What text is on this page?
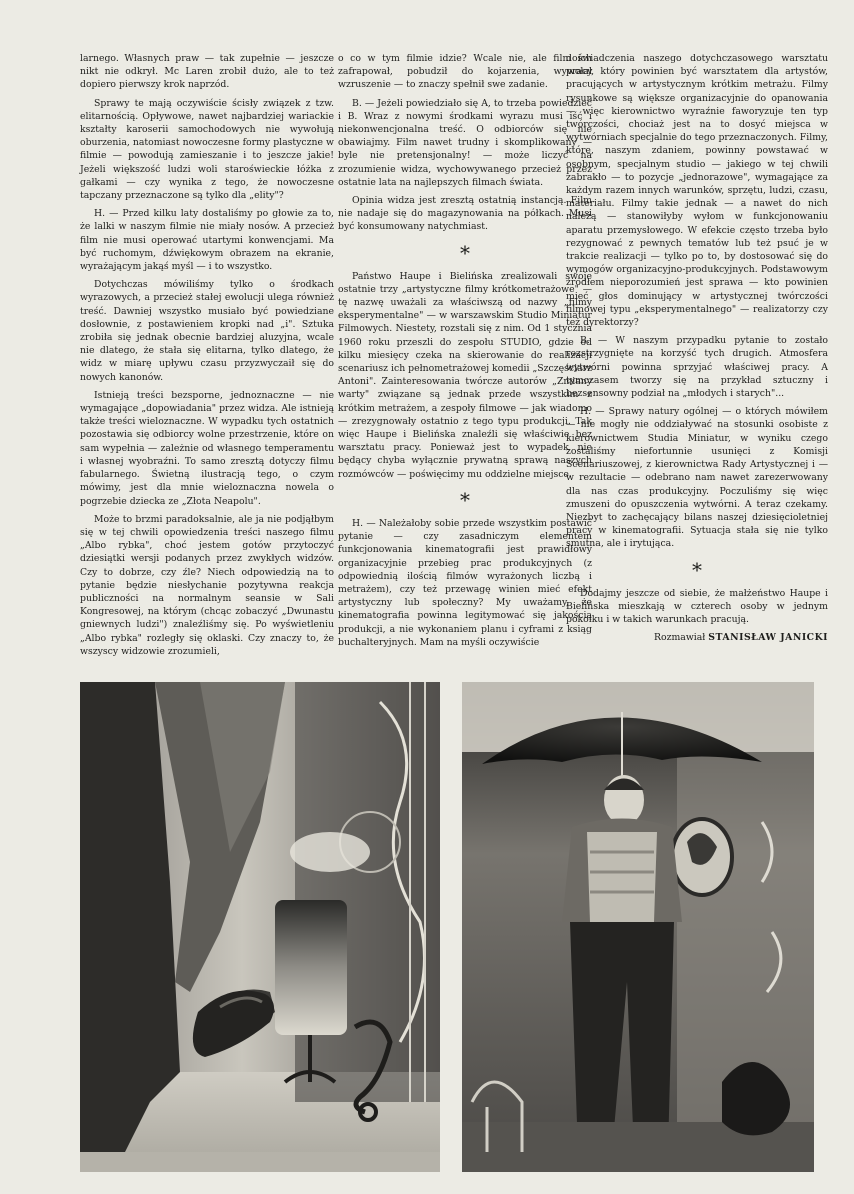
larnego. Własnych praw — tak zupełnie — jeszcze nikt nie odkrył. Mc Laren zrobił dużo, ale to też dopiero pierwszy krok naprzód.

Sprawy te mają oczywiście ścisły związek z tzw. elitarnością. Opływowe, nawet najbardziej wariackie kształty karoserii samochodowych nie wywołują oburzenia, natomiast nowoczesne formy plastyczne w filmie — powodują zamieszanie i to jeszcze jakie! Jeżeli większość ludzi woli staroświeckie łóżka z gałkami — czy wynika z tego, że nowoczesne tapczany przeznaczone są tylko dla „elity"?

H. — Przed kilku laty dostaliśmy po głowie za to, że lalki w naszym filmie nie miały nosów. A przecież film nie musi operować utartymi konwencjami. Ma być ruchomym, dźwiękowym obrazem na ekranie, wyrażającym jakąś myśl — i to wszystko.

Dotychczas mówiliśmy tylko o środkach wyrazowych, a przecież stałej ewolucji ulega również treść. Dawniej wszystko musiało być powiedziane dosłownie, z postawieniem kropki nad „i". Sztuka zrobiła się jednak obecnie bardziej aluzyjna, wcale nie dlatego, że stała się elitarna, tylko dlatego, że widz w miarę upływu czasu przyzwyczaił się do nowych kanonów.

Istnieją treści bezsporne, jednoznaczne — nie wymagające „dopowiadania" przez widza. Ale istnieją także treści wieloznaczne. W wypadku tych ostatnich pozostawia się odbiorcy wolne przestrzenie, które on sam wypełnia — zależnie od własnego temperamentu i własnej wyobraźni. To samo zresztą dotyczy filmu fabularnego. Świetną ilustracją tego, o czym mówimy, jest dla mnie wieloznaczna nowela o pogrzebie dziecka ze „Złota Neapolu".

Może to brzmi paradoksalnie, ale ja nie podjąłbym się w tej chwili opowiedzenia treści naszego filmu „Albo rybka", choć jestem gotów przytoczyć dziesiątki wersji podanych przez zwykłych widzów. Czy to dobrze, czy źle? Niech odpowiedzią na to pytanie będzie niesłychanie pozytywna reakcja publiczności na normalnym seansie w Sali Kongresowej, na którym (chcąc zobaczyć „Dwunastu gniewnych ludzi") znaleźliśmy się. Po wyświetleniu „Albo rybka" rozległy się oklaski. Czy znaczy to, że wszyscy widzowie zrozumieli,

o co w tym filmie idzie? Wcale nie, ale film ich zafrapował, pobudził do kojarzenia, wywołał wzruszenie — to znaczy spełnił swe zadanie.

B. — Jeżeli powiedziało się A, to trzeba powiedzieć i B. Wraz z nowymi środkami wyrazu musi iść i niekonwencjonalna treść. O odbiorców się nie obawiajmy. Film nawet trudny i skomplikowany — byle nie pretensjonalny! — może liczyć na zrozumienie widza, wychowywanego przecież przez ostatnie lata na najlepszych filmach świata.

Opinia widza jest zresztą ostatnią instancją. Film nie nadaje się do magazynowania na półkach. Musi być konsumowany natychmiast.

*

Państwo Haupe i Bielińska zrealizowali swoje ostatnie trzy „artystyczne filmy krótkometrażowe" — tę nazwę uważali za właściwszą od nazwy „filmy eksperymentalne" — w warszawskim Studio Miniatur Filmowych. Niestety, rozstali się z nim. Od 1 stycznia 1960 roku przeszli do zespołu STUDIO, gdzie od kilku miesięcy czeka na skierowanie do realizacji scenariusz ich pełnometrażowej komedii „Szczęściarz Antoni". Zainteresowania twórcze autorów „Zmiany warty" związane są jednak przede wszystkim z krótkim metrażem, a zespoły filmowe — jak wiadomo — zrezygnowały ostatnio z tego typu produkcji. Tak więc Haupe i Bielińska znaleźli się właściwie bez warsztatu pracy. Ponieważ jest to wypadek nie będący chyba wyłącznie prywatną sprawą naszych rozmówców — poświęcimy mu oddzielne miejsce.

*

H. — Należałoby sobie przede wszystkim postawić pytanie — czy zasadniczym elementem funkcjonowania kinematografii jest prawidłowy organizacyjnie przebieg prac produkcyjnych (z odpowiednią ilością filmów wyrażonych liczbą i metrażem), czy też przewagę winien mieć efekt artystyczny lub społeczny? My uważamy, że kinematografia powinna legitymować się jakością produkcji, a nie wykonaniem planu i cyframi z ksiąg buchalteryjnych. Mam na myśli oczywiście

doświadczenia naszego dotychczasowego warsztatu pracy, który powinien być warsztatem dla artystów, pracujących w artystycznym krótkim metrażu. Filmy rysunkowe są większe organizacyjnie do opanowania — więc kierownictwo wyraźnie faworyzuje ten typ twórczości, chociaż jest na to dosyć miejsca w wytwórniach specjalnie do tego przeznaczonych. Filmy, które, naszym zdaniem, powinny powstawać w osobnym, specjalnym studio — jakiego w tej chwili zabrakło — to pozycje „jednorazowe", wymagające za każdym razem innych warunków, sprzętu, ludzi, czasu, materiału. Filmy takie jednak — a nawet do nich należą — stanowiłyby wyłom w funkcjonowaniu aparatu przemysłowego. W efekcie często trzeba było rezygnować z pewnych tematów lub też psuć je w trakcie realizacji — tylko po to, by dostosować się do wymogów organizacyjno-produkcyjnych. Podstawowym źródłem nieporozumień jest sprawa — kto powinien mieć głos dominujący w artystycznej twórczości filmowej typu „eksperymentalnego" — realizatorzy czy też dyrektorzy?

B. — W naszym przypadku pytanie to zostało rozstrzygnięte na korzyść tych drugich. Atmosfera wytwórni powinna sprzyjać właściwej pracy. A tymczasem tworzy się na przykład sztuczny i bezsensowny podział na „młodych i starych"...

H. — Sprawy natury ogólnej — o których mówiłem — nie mogły nie oddziaływać na stosunki osobiste z kierownictwem Studia Miniatur, w wyniku czego zostaliśmy niefortunnie usunięci z Komisji Scenariuszowej, z kierownictwa Rady Artystycznej i — w rezultacie — odebrano nam nawet zarezerwowany dla nas czas produkcyjny. Poczuliśmy się więc zmuszeni do opuszczenia wytwórni. A teraz czekamy. Niezbyt to zachęcający bilans naszej dziesięcioletniej pracy w kinematografii. Sytuacja stała się nie tylko smutna, ale i irytująca.

*

Dodajmy jeszcze od siebie, że małżeństwo Haupe i Bielińska mieszkają w czterech osoby w jednym pokoiku i w takich warunkach pracują.

Rozmawiał STANISŁAW JANICKI
